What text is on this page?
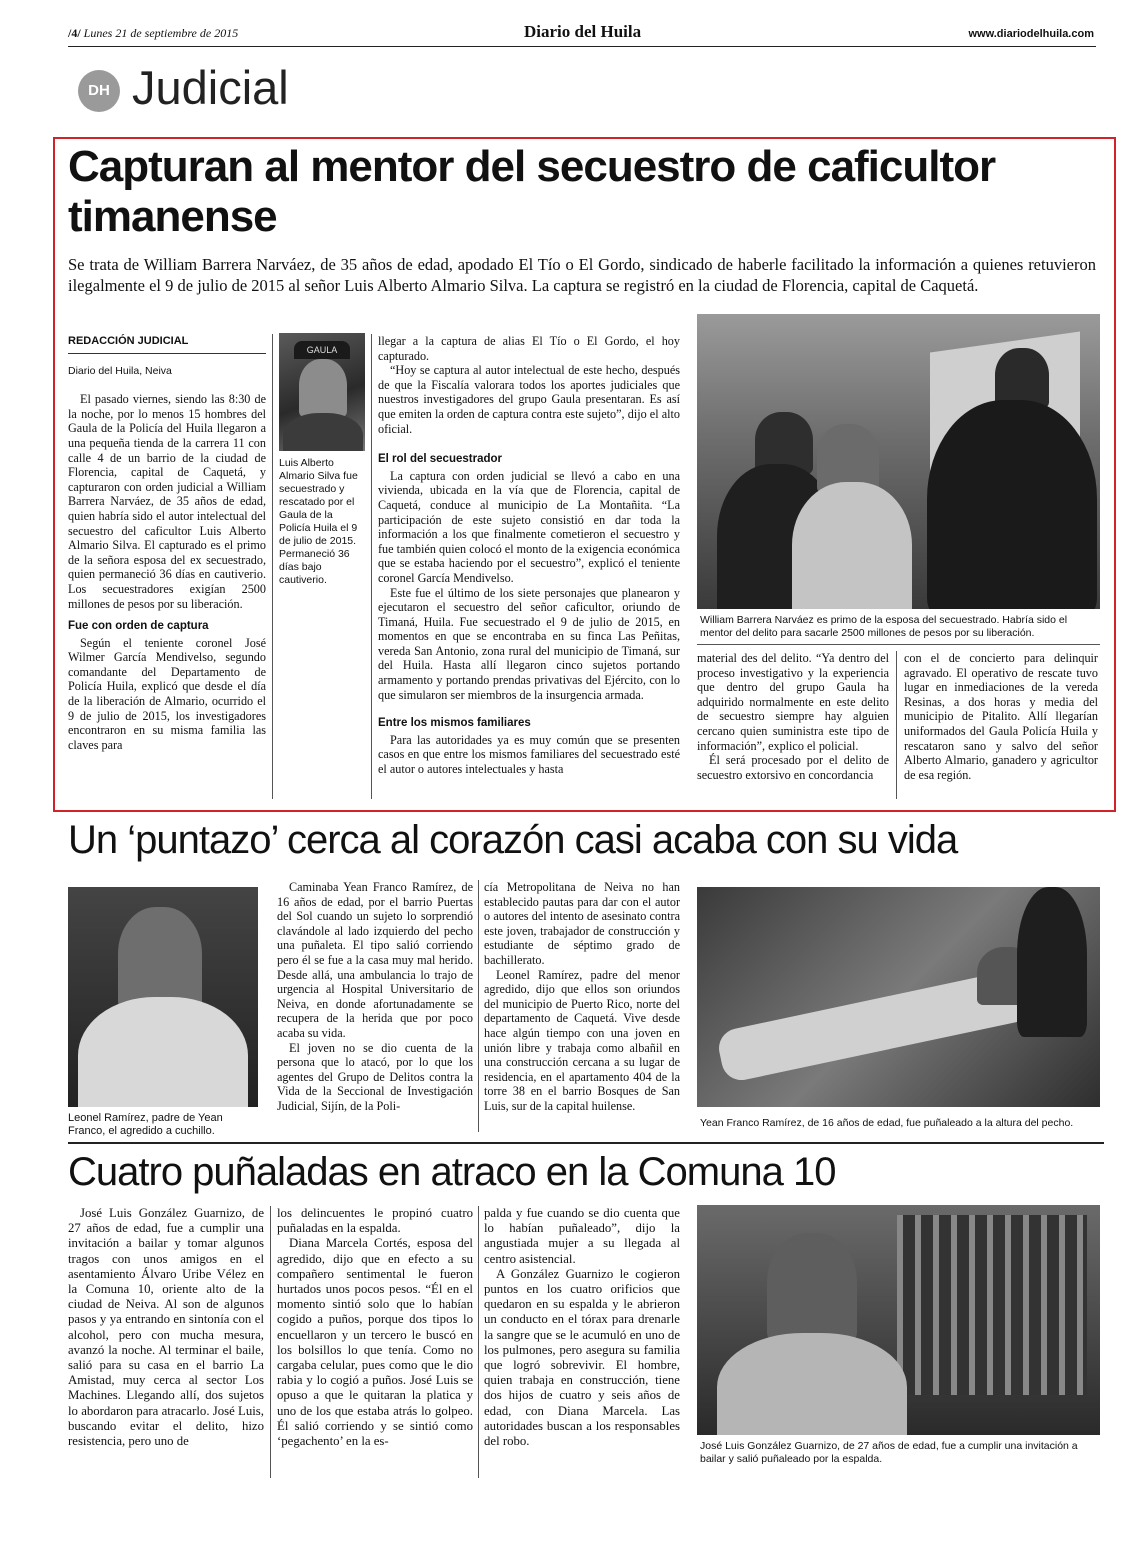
/4/ Lunes 21 de septiembre de 2015	Diario del Huila	www.diariodelhuila.com
DH Judicial
Capturan al mentor del secuestro de caficultor timanense
Se trata de William Barrera Narváez, de 35 años de edad, apodado El Tío o El Gordo, sindicado de haberle facilitado la información a quienes retuvieron ilegalmente el 9 de julio de 2015 al señor Luis Alberto Almario Silva. La captura se registró en la ciudad de Florencia, capital de Caquetá.
REDACCIÓN JUDICIAL
Diario del Huila, Neiva

El pasado viernes, siendo las 8:30 de la noche, por lo menos 15 hombres del Gaula de la Policía del Huila llegaron a una pequeña tienda de la carrera 11 con calle 4 de un barrio de la ciudad de Florencia, capital de Caquetá, y capturaron con orden judicial a William Barrera Narváez, de 35 años de edad, quien habría sido el autor intelectual del secuestro del caficultor Luis Alberto Almario Silva. El capturado es el primo de la señora esposa del ex secuestrado, quien permaneció 36 días en cautiverio. Los secuestradores exigían 2500 millones de pesos por su liberación.

Fue con orden de captura

Según el teniente coronel José Wilmer García Mendivelso, segundo comandante del Departamento de Policía Huila, explicó que desde el día de la liberación de Almario, ocurrido el 9 de julio de 2015, los investigadores encontraron en su misma familia las claves para

GAULA
Luis Alberto Almario Silva fue secuestrado y rescatado por el Gaula de la Policía Huila el 9 de julio de 2015. Permaneció 36 días bajo cautiverio.

llegar a la captura de alias El Tío o El Gordo, el hoy capturado.

“Hoy se captura al autor intelectual de este hecho, después de que la Fiscalía valorara todos los aportes judiciales que nuestros investigadores del grupo Gaula presentaran. Es así que emiten la orden de captura contra este sujeto”, dijo el alto oficial.

El rol del secuestrador

La captura con orden judicial se llevó a cabo en una vivienda, ubicada en la vía que de Florencia, capital de Caquetá, conduce al municipio de La Montañita. “La participación de este sujeto consistió en dar toda la información a los que finalmente cometieron el secuestro y fue también quien colocó el monto de la exigencia económica que se estaba haciendo por el secuestro”, explicó el teniente coronel García Mendivelso.

Este fue el último de los siete personajes que planearon y ejecutaron el secuestro del señor caficultor, oriundo de Timaná, Huila. Fue secuestrado el 9 de julio de 2015, en momentos en que se encontraba en su finca Las Peñitas, vereda San Antonio, zona rural del municipio de Timaná, sur del Huila. Hasta allí llegaron cinco sujetos portando armamento y portando prendas privativas del Ejército, con lo que simularon ser miembros de la insurgencia armada.

Entre los mismos familiares

Para las autoridades ya es muy común que se presenten casos en que entre los mismos familiares del secuestrado esté el autor o autores intelectuales y hasta

William Barrera Narváez es primo de la esposa del secuestrado. Habría sido el mentor del delito para sacarle 2500 millones de pesos por su liberación.

material des del delito. “Ya dentro del proceso investigativo y la experiencia que dentro del grupo Gaula ha adquirido normalmente en este delito de secuestro siempre hay alguien cercano quien suministra este tipo de información”, explico el policial.

Él será procesado por el delito de secuestro extorsivo en concordancia

con el de concierto para delinquir agravado. El operativo de rescate tuvo lugar en inmediaciones de la vereda Resinas, a dos horas y media del municipio de Pitalito. Allí llegarían uniformados del Gaula Policía Huila y rescataron sano y salvo del señor Alberto Almario, ganadero y agricultor de esa región.

Un ‘puntazo’ cerca al corazón casi acaba con su vida
Leonel Ramírez, padre de Yean Franco, el agredido a cuchillo.

Caminaba Yean Franco Ramírez, de 16 años de edad, por el barrio Puertas del Sol cuando un sujeto lo sorprendió clavándole al lado izquierdo del pecho una puñaleta. El tipo salió corriendo pero él se fue a la casa muy mal herido. Desde allá, una ambulancia lo trajo de urgencia al Hospital Universitario de Neiva, en donde afortunadamente se recupera de la herida que por poco acaba su vida.

El joven no se dio cuenta de la persona que lo atacó, por lo que los agentes del Grupo de Delitos contra la Vida de la Seccional de Investigación Judicial, Sijín, de la Poli-

cía Metropolitana de Neiva no han establecido pautas para dar con el autor o autores del intento de asesinato contra este joven, trabajador de construcción y estudiante de séptimo grado de bachillerato.

Leonel Ramírez, padre del menor agredido, dijo que ellos son oriundos del municipio de Puerto Rico, norte del departamento de Caquetá. Vive desde hace algún tiempo con una joven en unión libre y trabaja como albañil en una construcción cercana a su lugar de residencia, en el apartamento 404 de la torre 38 en el barrio Bosques de San Luis, sur de la capital huilense.

Yean Franco Ramírez, de 16 años de edad, fue puñaleado a la altura del pecho.
Cuatro puñaladas en atraco en la Comuna 10

José Luis González Guarnizo, de 27 años de edad, fue a cumplir una invitación a bailar y tomar algunos tragos con unos amigos en el asentamiento Álvaro Uribe Vélez en la Comuna 10, oriente alto de la ciudad de Neiva. Al son de algunos pasos y ya entrando en sintonía con el alcohol, pero con mucha mesura, avanzó la noche. Al terminar el baile, salió para su casa en el barrio La Amistad, muy cerca al sector Los Machines. Llegando allí, dos sujetos lo abordaron para atracarlo. José Luis, buscando evitar el delito, hizo resistencia, pero uno de

los delincuentes le propinó cuatro puñaladas en la espalda.

Diana Marcela Cortés, esposa del agredido, dijo que en efecto a su compañero sentimental le fueron hurtados unos pocos pesos. “Él en el momento sintió solo que lo habían cogido a puños, porque dos tipos lo encuellaron y un tercero le buscó en los bolsillos lo que tenía. Como no cargaba celular, pues como que le dio rabia y lo cogió a puños. José Luis se opuso a que le quitaran la platica y uno de los que estaba atrás lo golpeo. Él salió corriendo y se sintió como ‘pegachento’ en la es-

palda y fue cuando se dio cuenta que lo habían puñaleado”, dijo la angustiada mujer a su llegada al centro asistencial.

A González Guarnizo le cogieron puntos en los cuatro orificios que quedaron en su espalda y le abrieron un conducto en el tórax para drenarle la sangre que se le acumuló en uno de los pulmones, pero asegura su familia que logró sobrevivir. El hombre, quien trabaja en construcción, tiene dos hijos de cuatro y seis años de edad, con Diana Marcela. Las autoridades buscan a los responsables del robo.	José Luis González Guarnizo, de 27 años de edad, fue a cumplir una invitación a bailar y salió puñaleado por la espalda.
